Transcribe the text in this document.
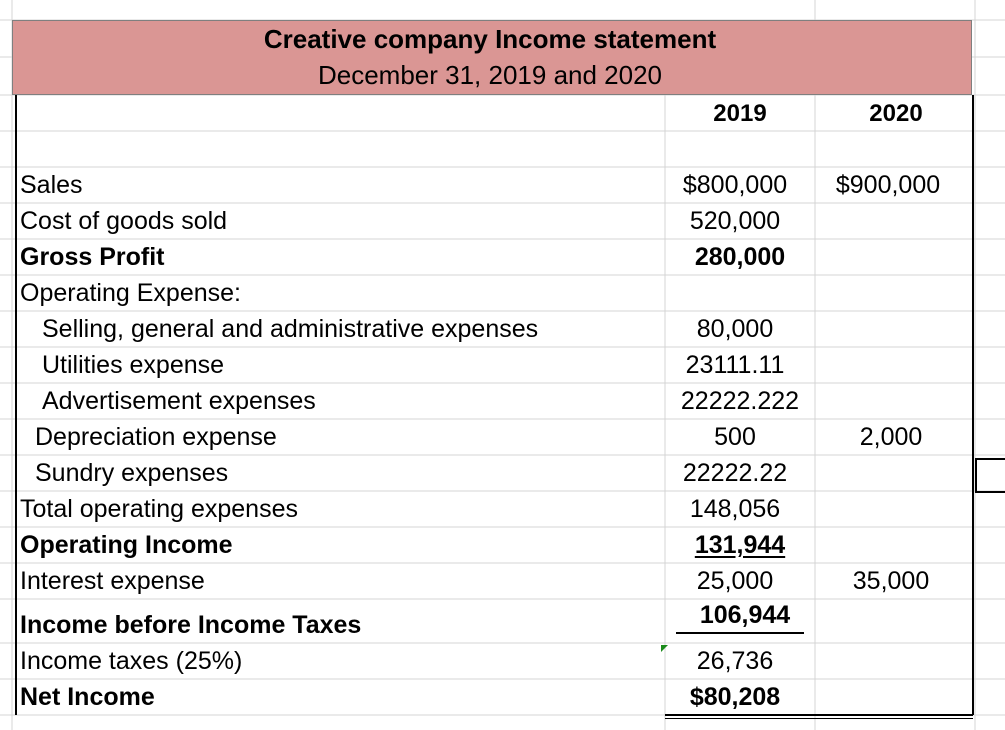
Creative company Income statement
December 31, 2019 and 2020
2019	2020
Sales
Cost of goods sold
Gross Profit
Operating Expense:
Selling, general and administrative expenses
Utilities expense
Advertisement expenses
Depreciation expense
Sundry expenses
Total operating expenses
Operating Income
Interest expense
Income before Income Taxes
Income taxes (25%)
Net Income
$800,000
520,000
280,000
80,000
23111.11
22222.222
500
22222.22
148,056
131,944
25,000
106,944
26,736
$80,208
$900,000
2,000
35,000
